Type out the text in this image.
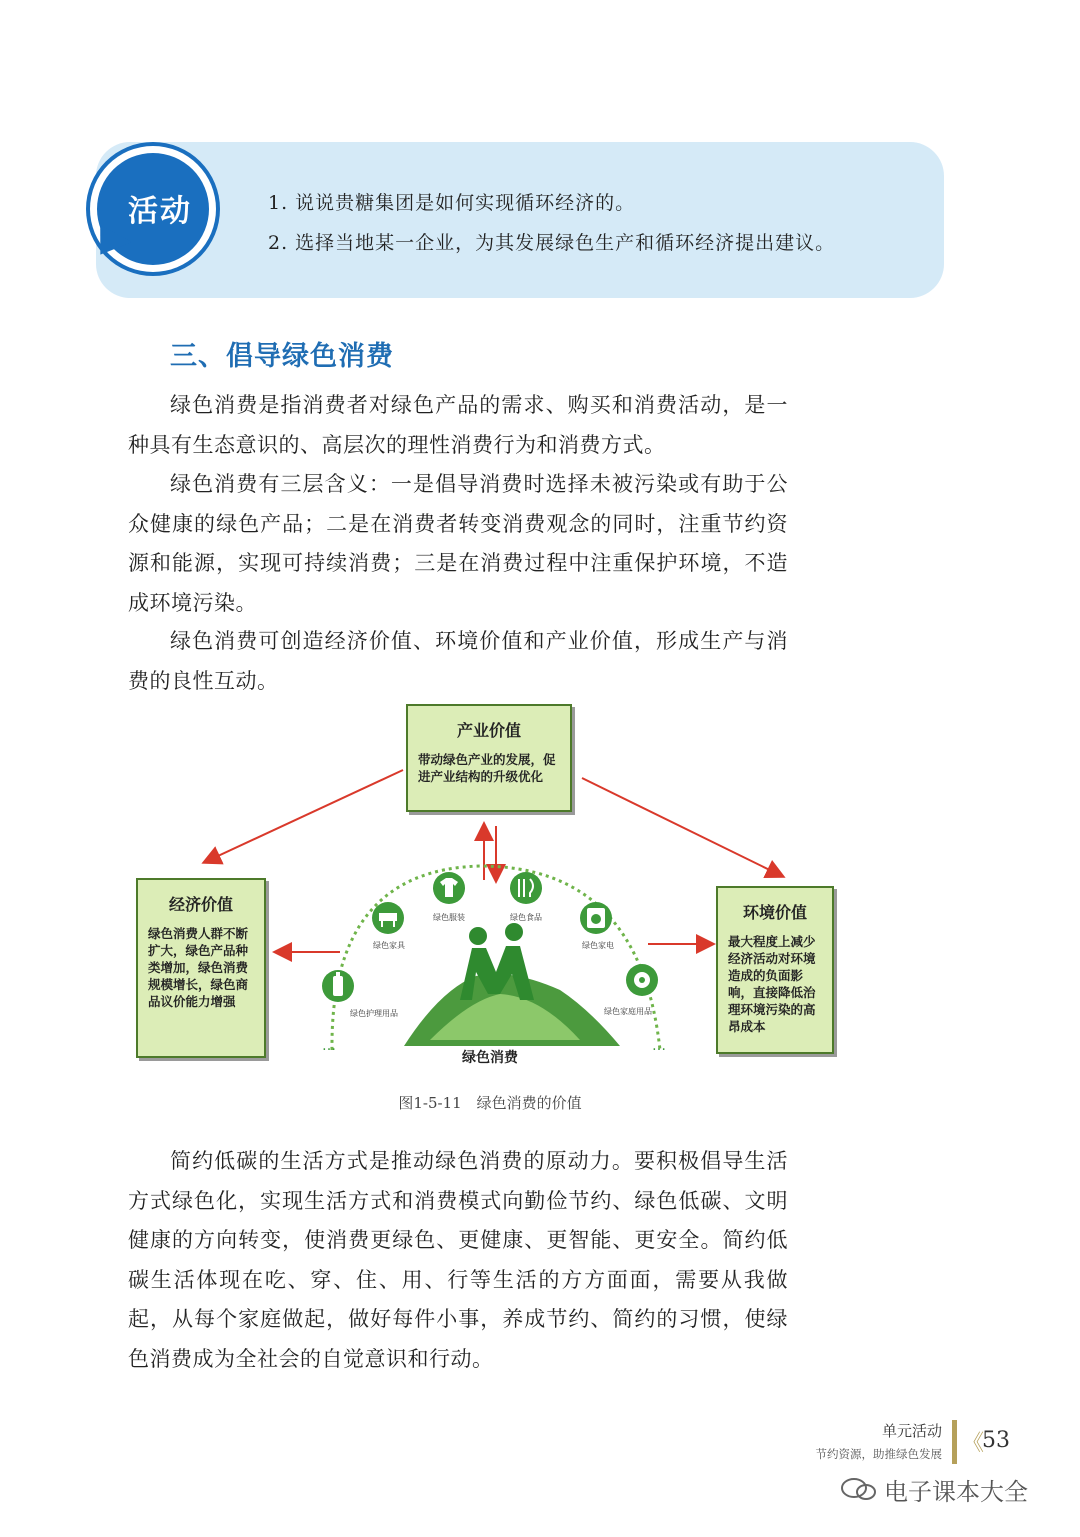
活动	1. 说说贵糖集团是如何实现循环经济的。
2. 选择当地某一企业，为其发展绿色生产和循环经济提出建议。
三、倡导绿色消费
绿色消费是指消费者对绿色产品的需求、购买和消费活动，是一种具有生态意识的、高层次的理性消费行为和消费方式。
绿色消费有三层含义：一是倡导消费时选择未被污染或有助于公众健康的绿色产品；二是在消费者转变消费观念的同时，注重节约资源和能源，实现可持续消费；三是在消费过程中注重保护环境，不造成环境污染。
绿色消费可创造经济价值、环境价值和产业价值，形成生产与消费的良性互动。
绿色服装	绿色食品
绿色家具	绿色家电
绿色护理用品	绿色家庭用品
…	…
绿色消费
产业价值
带动绿色产业的发展，促进产业结构的升级优化
经济价值
绿色消费人群不断扩大，绿色产品种类增加，绿色消费规模增长，绿色商品议价能力增强
环境价值
最大程度上减少经济活动对环境造成的负面影响，直接降低治理环境污染的高昂成本
图1-5-11　绿色消费的价值
简约低碳的生活方式是推动绿色消费的原动力。要积极倡导生活方式绿色化，实现生活方式和消费模式向勤俭节约、绿色低碳、文明健康的方向转变，使消费更绿色、更健康、更智能、更安全。简约低碳生活体现在吃、穿、住、用、行等生活的方方面面，需要从我做起，从每个家庭做起，做好每件小事，养成节约、简约的习惯，使绿色消费成为全社会的自觉意识和行动。
单元活动
节约资源，助推绿色发展 《
53
电子课本大全
